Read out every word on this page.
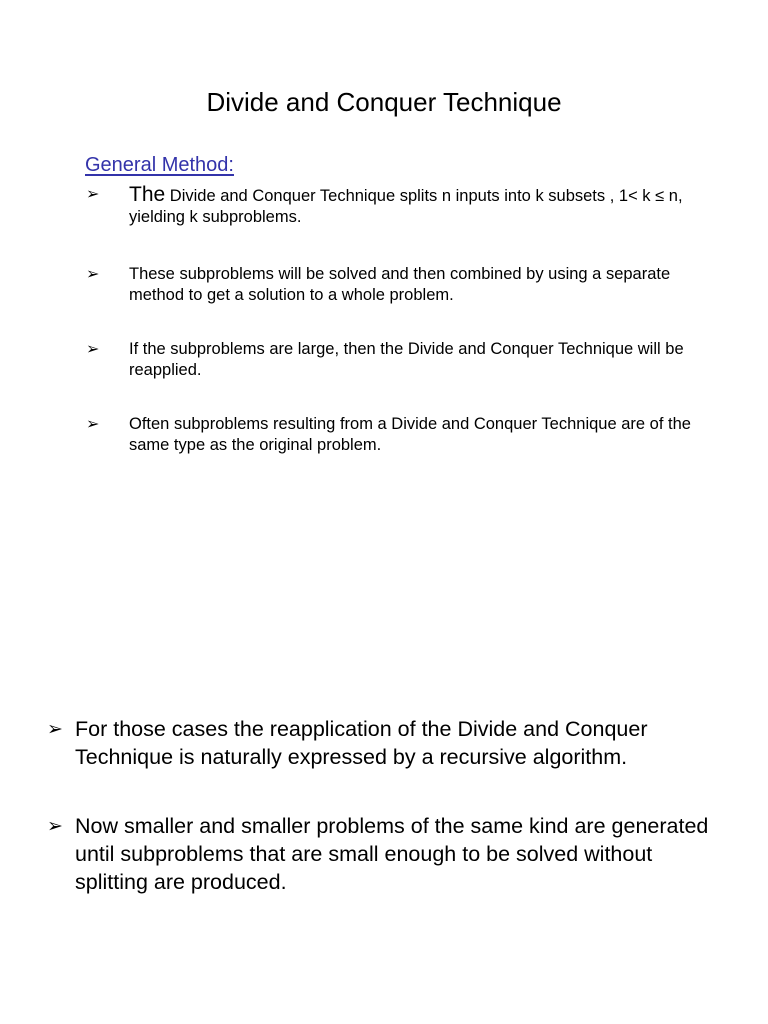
Divide and Conquer Technique
General Method:
➢	The Divide and Conquer Technique splits n inputs into k subsets , 1< k ≤ n, yielding k subproblems.
➢	These subproblems will be solved and then combined by using a separate method to get a solution to a whole problem.
➢	If the subproblems are large, then the Divide and Conquer Technique will be reapplied.
➢	Often subproblems resulting from a Divide and Conquer Technique are of the same type as the original problem.
➢ For those cases the reapplication of the Divide and Conquer Technique is naturally expressed by a recursive algorithm.
➢ Now smaller and smaller problems of the same kind are generated until subproblems that are small enough to be solved without splitting are produced.
